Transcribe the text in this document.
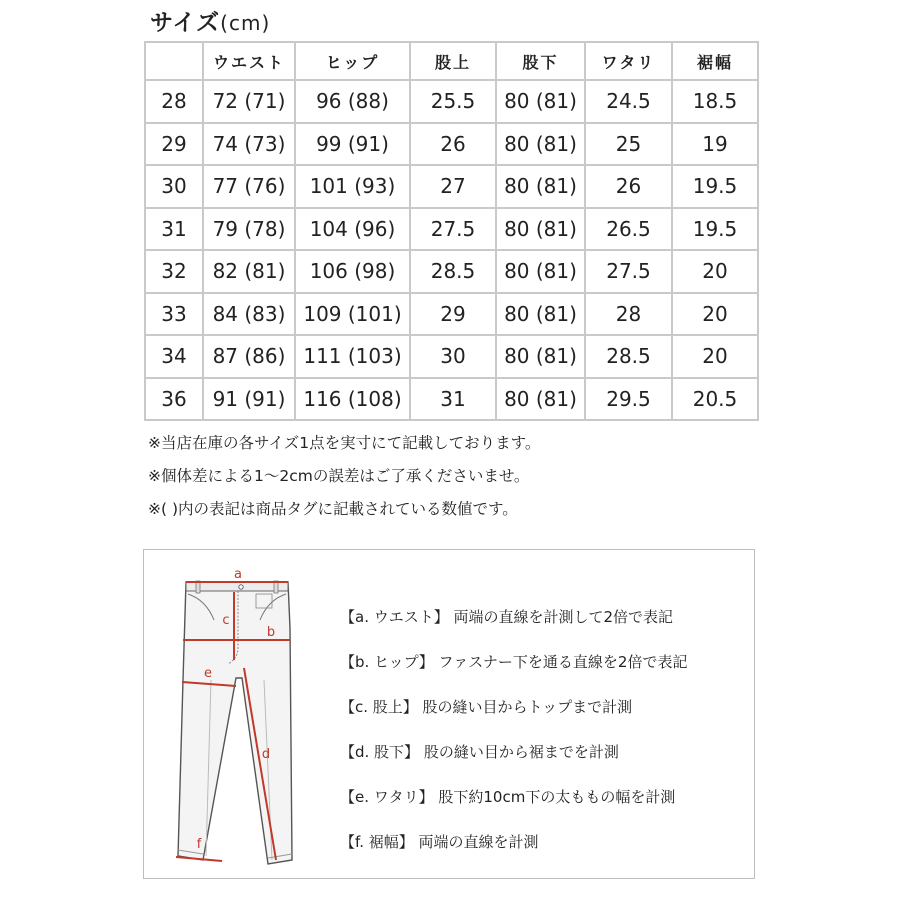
サイズ(cm)
	ウエスト	ヒップ	股上	股下	ワタリ	裾幅
28	72 (71)	96 (88)	25.5	80 (81)	24.5	18.5
29	74 (73)	99 (91)	26	80 (81)	25	19
30	77 (76)	101 (93)	27	80 (81)	26	19.5
31	79 (78)	104 (96)	27.5	80 (81)	26.5	19.5
32	82 (81)	106 (98)	28.5	80 (81)	27.5	20
33	84 (83)	109 (101)	29	80 (81)	28	20
34	87 (86)	111 (103)	30	80 (81)	28.5	20
36	91 (91)	116 (108)	31	80 (81)	29.5	20.5
※当店在庫の各サイズ1点を実寸にて記載しております。
※個体差による1～2cmの誤差はご了承くださいませ。
※( )内の表記は商品タグに記載されている数値です。
a
b
c
d
e
f
【a. ウエスト】 両端の直線を計測して2倍で表記
【b. ヒップ】 ファスナー下を通る直線を2倍で表記
【c. 股上】 股の縫い目からトップまで計測
【d. 股下】 股の縫い目から裾までを計測
【e. ワタリ】 股下約10cm下の太ももの幅を計測
【f. 裾幅】 両端の直線を計測
